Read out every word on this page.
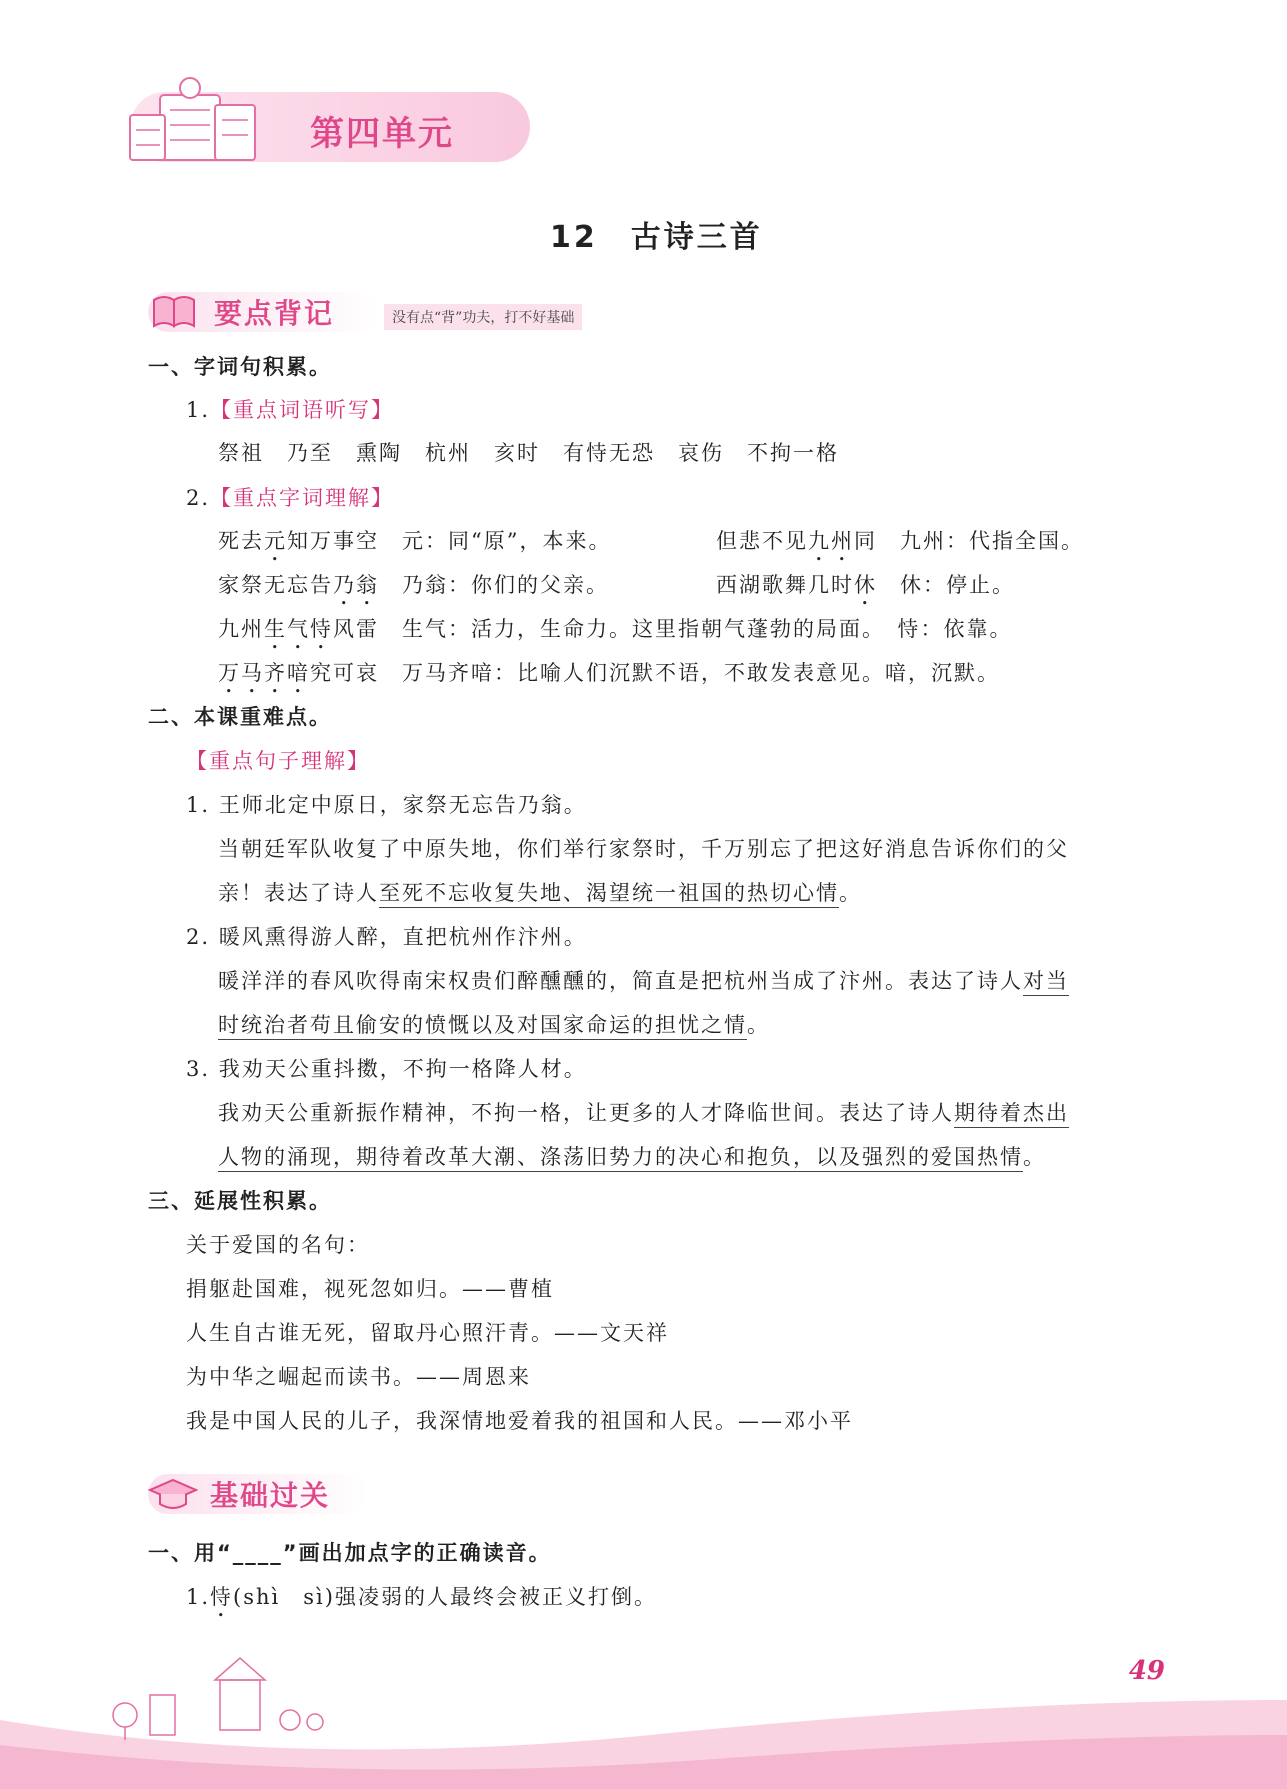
第四单元
12　古诗三首
要点背记	没有点“背”功夫，打不好基础
一、字词句积累。
1.【重点词语听写】
祭祖　乃至　熏陶　杭州　亥时　有恃无恐　哀伤　不拘一格
2.【重点字词理解】
死去元知万事空　元：同“原”，本来。	但悲不见九州同　九州：代指全国。
家祭无忘告乃翁　乃翁：你们的父亲。	西湖歌舞几时休　休：停止。
九州生气恃风雷　生气：活力，生命力。这里指朝气蓬勃的局面。　恃：依靠。
万马齐喑究可哀　万马齐喑：比喻人们沉默不语，不敢发表意见。喑，沉默。
二、本课重难点。
【重点句子理解】
1. 王师北定中原日，家祭无忘告乃翁。
当朝廷军队收复了中原失地，你们举行家祭时，千万别忘了把这好消息告诉你们的父
亲！表达了诗人至死不忘收复失地、渴望统一祖国的热切心情。
2. 暖风熏得游人醉，直把杭州作汴州。
暖洋洋的春风吹得南宋权贵们醉醺醺的，简直是把杭州当成了汴州。表达了诗人对当
时统治者苟且偷安的愤慨以及对国家命运的担忧之情。
3. 我劝天公重抖擞，不拘一格降人材。
我劝天公重新振作精神，不拘一格，让更多的人才降临世间。表达了诗人期待着杰出
人物的涌现，期待着改革大潮、涤荡旧势力的决心和抱负，以及强烈的爱国热情。
三、延展性积累。
关于爱国的名句：
捐躯赴国难，视死忽如归。——曹植
人生自古谁无死，留取丹心照汗青。——文天祥
为中华之崛起而读书。——周恩来
我是中国人民的儿子，我深情地爱着我的祖国和人民。——邓小平
基础过关
一、用“____”画出加点字的正确读音。
1.恃(shì　sì)强凌弱的人最终会被正义打倒。
49
